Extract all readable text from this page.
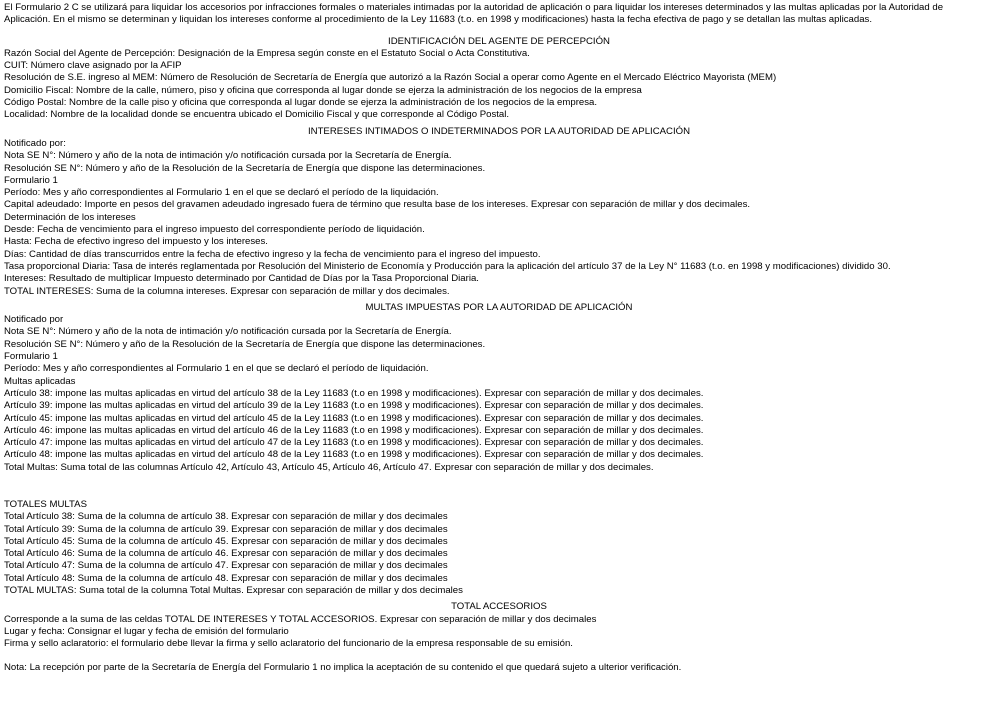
El Formulario 2 C se utilizará para liquidar los accesorios por infracciones formales o materiales intimadas por la autoridad de aplicación o para liquidar los intereses determinados y las multas aplicadas por la Autoridad de Aplicación. En el mismo se determinan y liquidan los intereses conforme al procedimiento de la Ley 11683 (t.o. en 1998 y modificaciones) hasta la fecha efectiva de pago y se detallan las multas aplicadas.
IDENTIFICACIÓN DEL AGENTE DE PERCEPCIÓN
Razón Social del Agente de Percepción: Designación de la Empresa según conste en el Estatuto Social o Acta Constitutiva.
CUIT: Número clave asignado por la AFIP
Resolución de S.E. ingreso al MEM: Número de Resolución de Secretaría de Energía que autorizó a la Razón Social a operar como Agente en el Mercado Eléctrico Mayorista (MEM)
Domicilio Fiscal: Nombre de la calle, número, piso y oficina que corresponda al lugar donde se ejerza la administración de los negocios de la empresa
Código Postal: Nombre de la calle piso y oficina que corresponda al lugar donde se ejerza la administración de los negocios de la empresa.
Localidad: Nombre de la localidad donde se encuentra ubicado el Domicilio Fiscal y que corresponde al Código Postal.
INTERESES INTIMADOS O INDETERMINADOS POR LA AUTORIDAD DE APLICACIÓN
Notificado por:
Nota SE N°: Número y año de la nota de intimación y/o notificación cursada por la Secretaría de Energía.
Resolución SE N°: Número y año de la Resolución de la Secretaría de Energía que dispone las determinaciones.
Formulario 1
Período: Mes y año correspondientes al Formulario 1 en el que se declaró el período de la liquidación.
Capital adeudado: Importe en pesos del gravamen adeudado ingresado fuera de término que resulta base de los intereses. Expresar con separación de millar y dos decimales.
Determinación de los intereses
Desde: Fecha de vencimiento para el ingreso impuesto del correspondiente período de liquidación.
Hasta: Fecha de efectivo ingreso del impuesto y los intereses.
Días: Cantidad de días transcurridos entre la fecha de efectivo ingreso y la fecha de vencimiento para el ingreso del impuesto.
Tasa proporcional Diaria: Tasa de interés reglamentada por Resolución del Ministerio de Economía y Producción para la aplicación del artículo 37 de la Ley N° 11683 (t.o. en 1998 y modificaciones) dividido 30.
Intereses: Resultado de multiplicar Impuesto determinado por Cantidad de Días por la Tasa Proporcional Diaria.
TOTAL INTERESES: Suma de la columna intereses. Expresar con separación de millar y dos decimales.
MULTAS IMPUESTAS POR LA AUTORIDAD DE APLICACIÓN
Notificado por
Nota SE N°: Número y año de la nota de intimación y/o notificación cursada por la Secretaría de Energía.
Resolución SE N°: Número y año de la Resolución de la Secretaría de Energía que dispone las determinaciones.
Formulario 1
Período: Mes y año correspondientes al Formulario 1 en el que se declaró el período de liquidación.
Multas aplicadas
Artículo 38: impone las multas aplicadas en virtud del artículo 38 de la Ley 11683 (t.o en 1998 y modificaciones). Expresar con separación de millar y dos decimales.
Artículo 39: impone las multas aplicadas en virtud del artículo 39 de la Ley 11683 (t.o en 1998 y modificaciones). Expresar con separación de millar y dos decimales.
Artículo 45: impone las multas aplicadas en virtud del artículo 45 de la Ley 11683 (t.o en 1998 y modificaciones). Expresar con separación de millar y dos decimales.
Artículo 46: impone las multas aplicadas en virtud del artículo 46 de la Ley 11683 (t.o en 1998 y modificaciones). Expresar con separación de millar y dos decimales.
Artículo 47: impone las multas aplicadas en virtud del artículo 47 de la Ley 11683 (t.o en 1998 y modificaciones). Expresar con separación de millar y dos decimales.
Artículo 48: impone las multas aplicadas en virtud del artículo 48 de la Ley 11683 (t.o en 1998 y modificaciones). Expresar con separación de millar y dos decimales.
Total Multas: Suma total de las columnas Artículo 42, Artículo 43, Artículo 45, Artículo 46, Artículo 47. Expresar con separación de millar y dos decimales.
TOTALES MULTAS
Total Artículo 38: Suma de la columna de artículo 38. Expresar con separación de millar y dos decimales
Total Artículo 39: Suma de la columna de artículo 39. Expresar con separación de millar y dos decimales
Total Artículo 45: Suma de la columna de artículo 45. Expresar con separación de millar y dos decimales
Total Artículo 46: Suma de la columna de artículo 46. Expresar con separación de millar y dos decimales
Total Artículo 47: Suma de la columna de artículo 47. Expresar con separación de millar y dos decimales
Total Artículo 48: Suma de la columna de artículo 48. Expresar con separación de millar y dos decimales
TOTAL MULTAS: Suma total de la columna Total Multas. Expresar con separación de millar y dos decimales
TOTAL ACCESORIOS
Corresponde a la suma de las celdas TOTAL DE INTERESES Y TOTAL ACCESORIOS. Expresar con separación de millar y dos decimales
Lugar y fecha: Consignar el lugar y fecha de emisión del formulario
Firma y sello aclaratorio: el formulario debe llevar la firma y sello aclaratorio del funcionario de la empresa responsable de su emisión.
Nota: La recepción por parte de la Secretaría de Energía del Formulario 1 no implica la aceptación de su contenido el que quedará sujeto a ulterior verificación.
